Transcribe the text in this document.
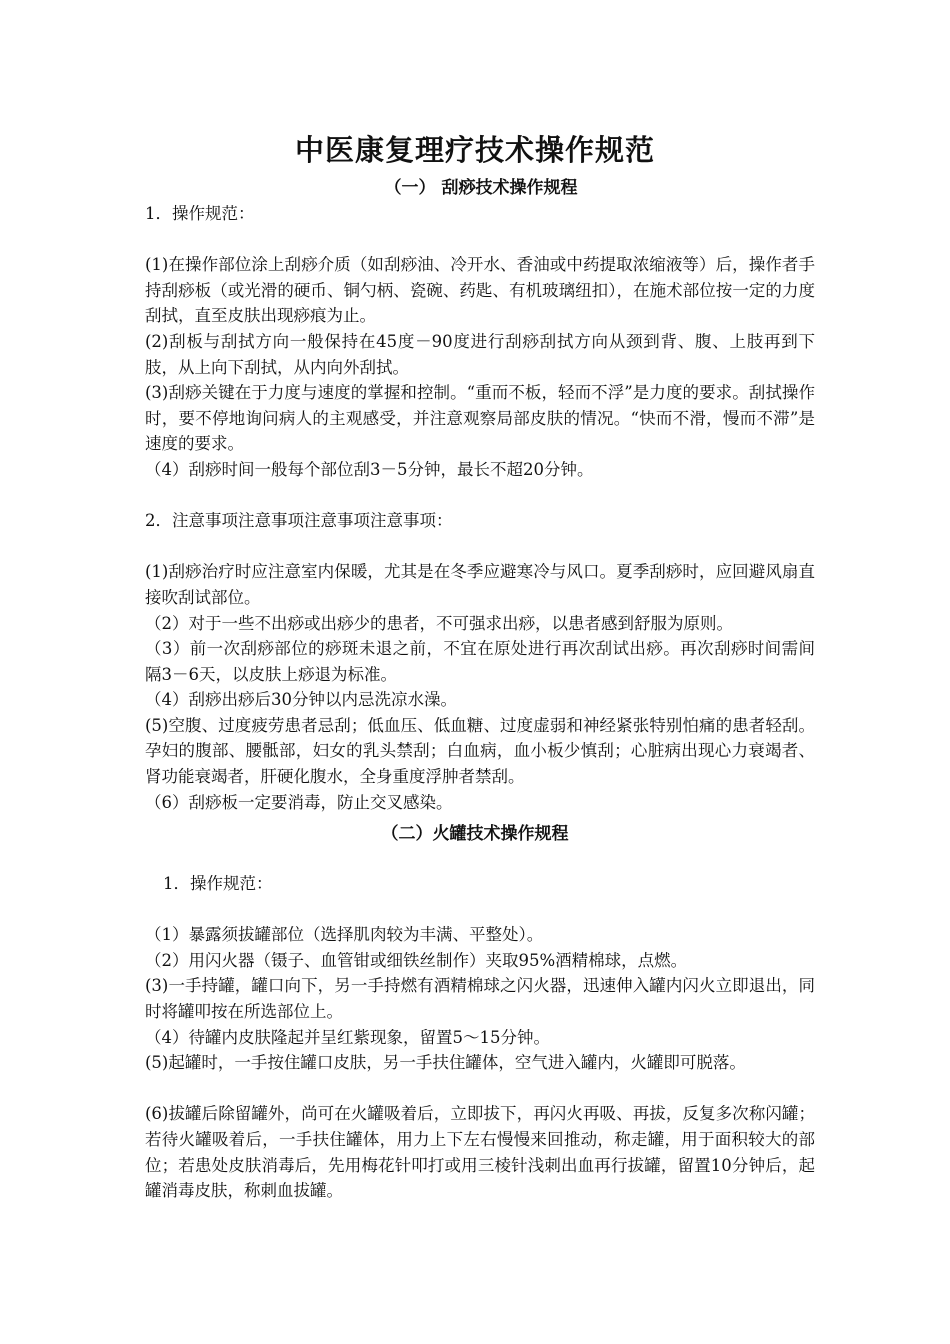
中医康复理疗技术操作规范
（一） 刮痧技术操作规程

1．操作规范：

(1)在操作部位涂上刮痧介质（如刮痧油、冷开水、香油或中药提取浓缩液等）后，操作者手持刮痧板（或光滑的硬币、铜勺柄、瓷碗、药匙、有机玻璃纽扣），在施术部位按一定的力度刮拭，直至皮肤出现痧痕为止。

(2)刮板与刮拭方向一般保持在45度－90度进行刮痧刮拭方向从颈到背、腹、上肢再到下肢，从上向下刮拭，从内向外刮拭。

(3)刮痧关键在于力度与速度的掌握和控制。“重而不板，轻而不浮”是力度的要求。刮拭操作时，要不停地询问病人的主观感受，并注意观察局部皮肤的情况。“快而不滑，慢而不滞”是速度的要求。

（4）刮痧时间一般每个部位刮3－5分钟，最长不超20分钟。

2．注意事项注意事项注意事项注意事项：

(1)刮痧治疗时应注意室内保暖，尤其是在冬季应避寒冷与风口。夏季刮痧时，应回避风扇直接吹刮试部位。

（2）对于一些不出痧或出痧少的患者，不可强求出痧，以患者感到舒服为原则。

（3）前一次刮痧部位的痧斑未退之前，不宜在原处进行再次刮试出痧。再次刮痧时间需间隔3－6天，以皮肤上痧退为标准。

（4）刮痧出痧后30分钟以内忌洗凉水澡。

(5)空腹、过度疲劳患者忌刮；低血压、低血糖、过度虚弱和神经紧张特别怕痛的患者轻刮。孕妇的腹部、腰骶部，妇女的乳头禁刮；白血病，血小板少慎刮；心脏病出现心力衰竭者、肾功能衰竭者，肝硬化腹水，全身重度浮肿者禁刮。

（6）刮痧板一定要消毒，防止交叉感染。

（二）火罐技术操作规程

1．操作规范：

（1）暴露须拔罐部位（选择肌肉较为丰满、平整处）。

（2）用闪火器（镊子、血管钳或细铁丝制作）夹取95%酒精棉球，点燃。

(3)一手持罐，罐口向下，另一手持燃有酒精棉球之闪火器，迅速伸入罐内闪火立即退出，同时将罐叩按在所选部位上。

（4）待罐内皮肤隆起并呈红紫现象，留置5～15分钟。

(5)起罐时，一手按住罐口皮肤，另一手扶住罐体，空气进入罐内，火罐即可脱落。

(6)拔罐后除留罐外，尚可在火罐吸着后，立即拔下，再闪火再吸、再拔，反复多次称闪罐；若待火罐吸着后，一手扶住罐体，用力上下左右慢慢来回推动，称走罐，用于面积较大的部位；若患处皮肤消毒后，先用梅花针叩打或用三棱针浅刺出血再行拔罐，留置10分钟后，起罐消毒皮肤，称刺血拔罐。
